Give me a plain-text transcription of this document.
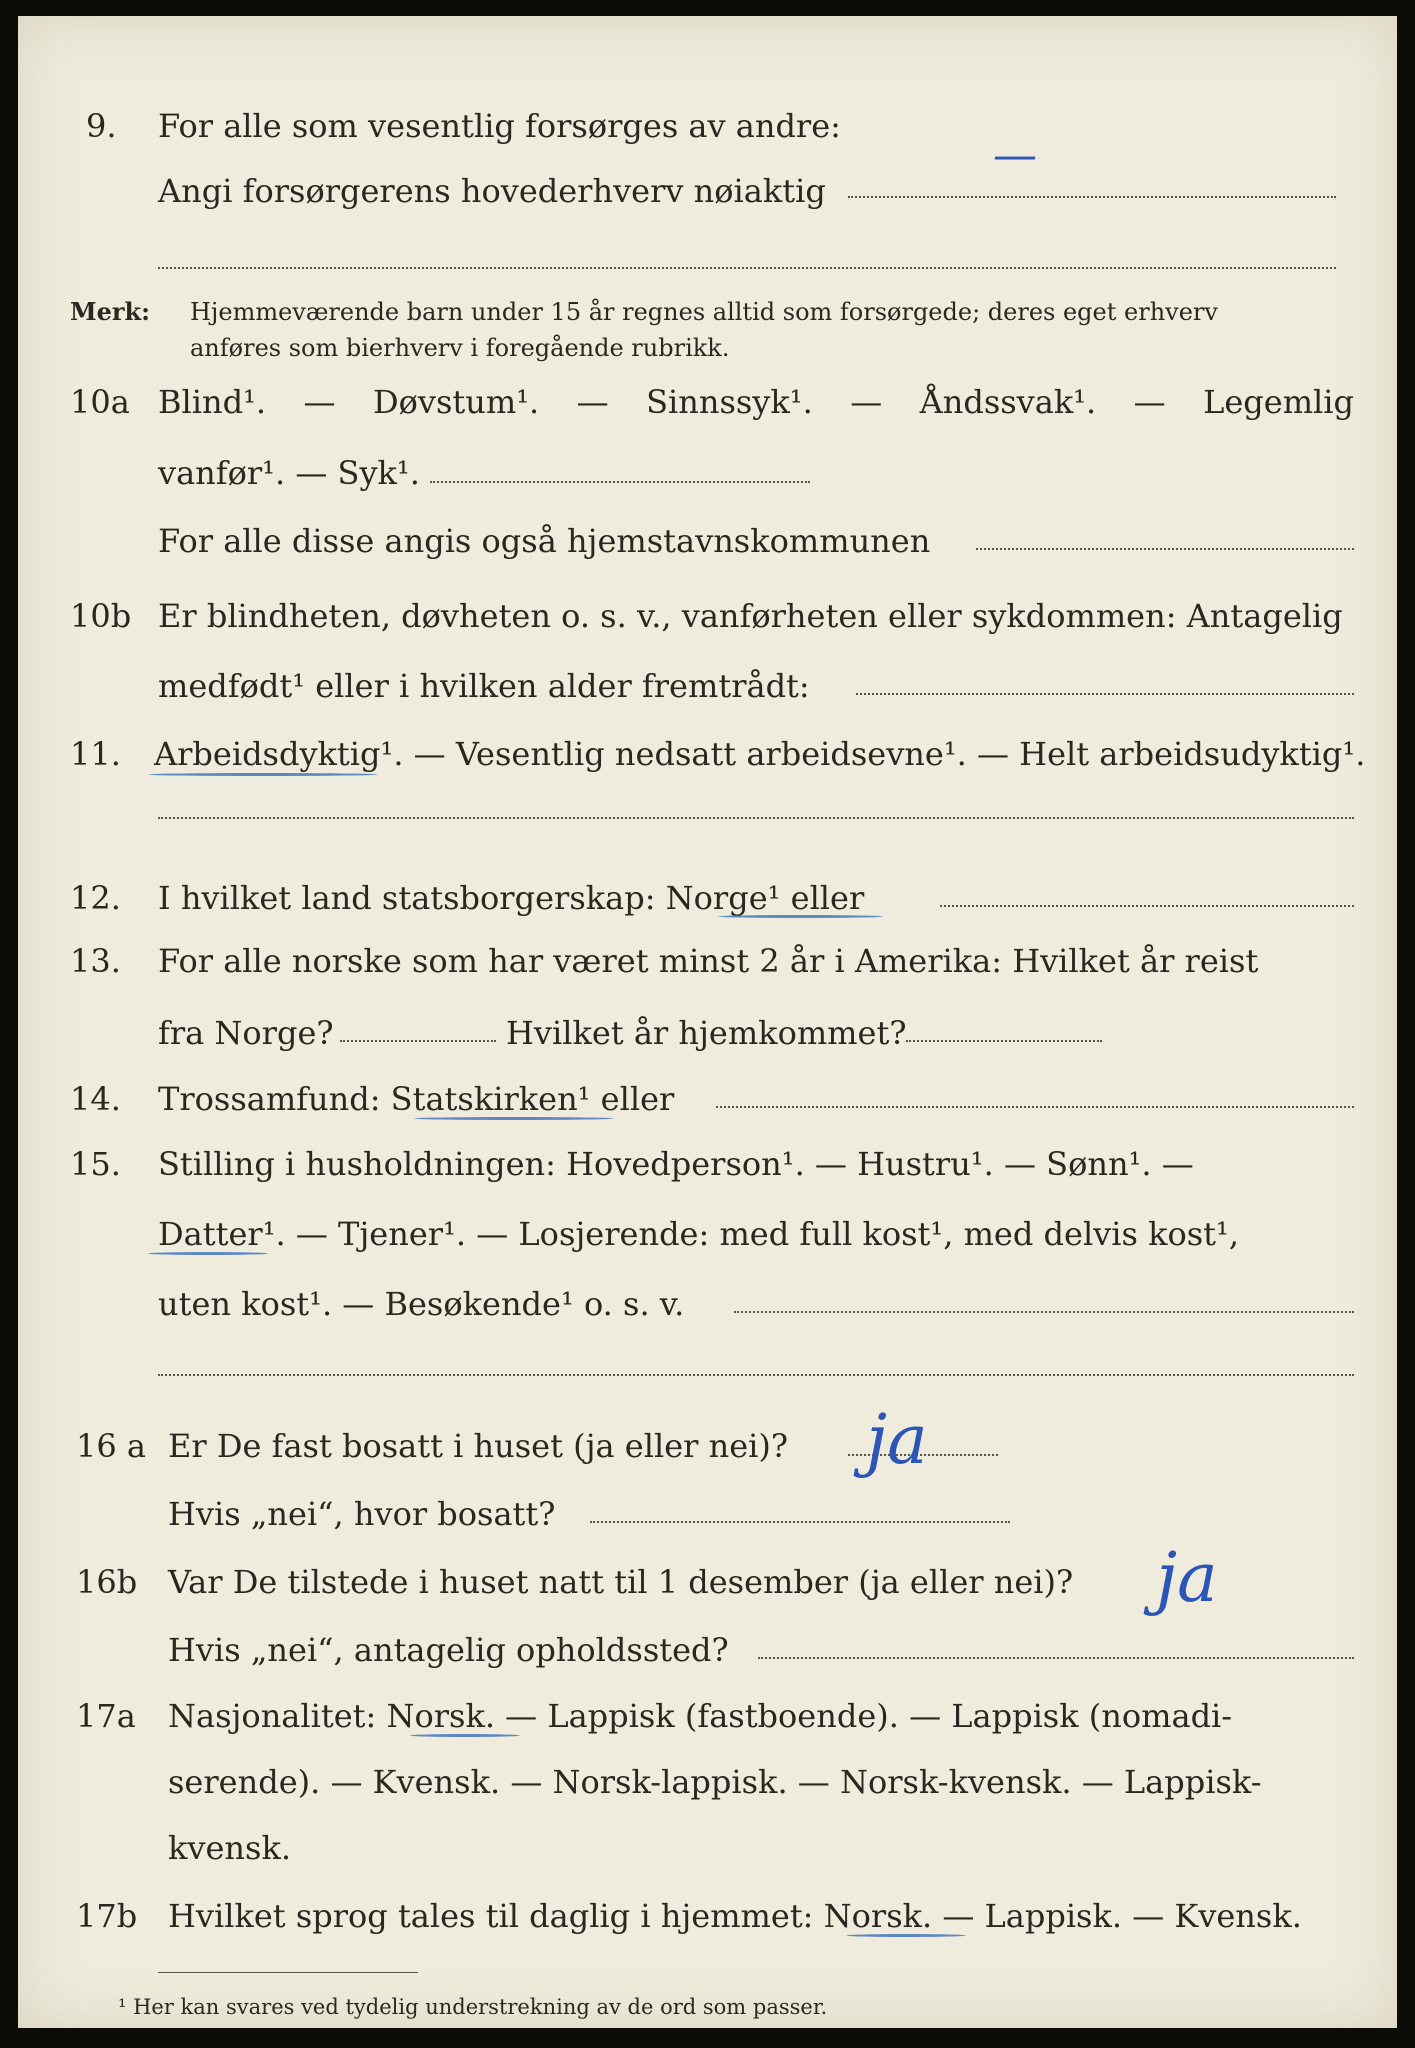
9. For alle som vesentlig forsørges av andre:
Angi forsørgerens hovederhverv nøiaktig
—
Merk: Hjemmeværende barn under 15 år regnes alltid som forsørgede; deres eget erhverv
anføres som bierhverv i foregående rubrikk.
10a Blind¹. — Døvstum¹. — Sinnssyk¹. — Åndssvak¹. — Legemlig
vanfør¹. — Syk¹.
For alle disse angis også hjemstavnskommunen
10b Er blindheten, døvheten o. s. v., vanførheten eller sykdommen: Antagelig
medfødt¹ eller i hvilken alder fremtrådt:
11. Arbeidsdyktig¹. — Vesentlig nedsatt arbeidsevne¹. — Helt arbeidsudyktig¹.
12. I hvilket land statsborgerskap: Norge¹ eller
13. For alle norske som har været minst 2 år i Amerika: Hvilket år reist
fra Norge?	Hvilket år hjemkommet?
14. Trossamfund: Statskirken¹ eller
15. Stilling i husholdningen: Hovedperson¹. — Hustru¹. — Sønn¹. —
Datter¹. — Tjener¹. — Losjerende: med full kost¹, med delvis kost¹,
uten kost¹. — Besøkende¹ o. s. v.
16 a Er De fast bosatt i huset (ja eller nei)? ja
Hvis „nei“, hvor bosatt?
16b Var De tilstede i huset natt til 1 desember (ja eller nei)? ja
Hvis „nei“, antagelig opholdssted?
17a Nasjonalitet: Norsk. — Lappisk (fastboende). — Lappisk (nomadi-
serende). — Kvensk. — Norsk-lappisk. — Norsk-kvensk. — Lappisk-
kvensk.
17b Hvilket sprog tales til daglig i hjemmet: Norsk. — Lappisk. — Kvensk.
¹ Her kan svares ved tydelig understrekning av de ord som passer.
